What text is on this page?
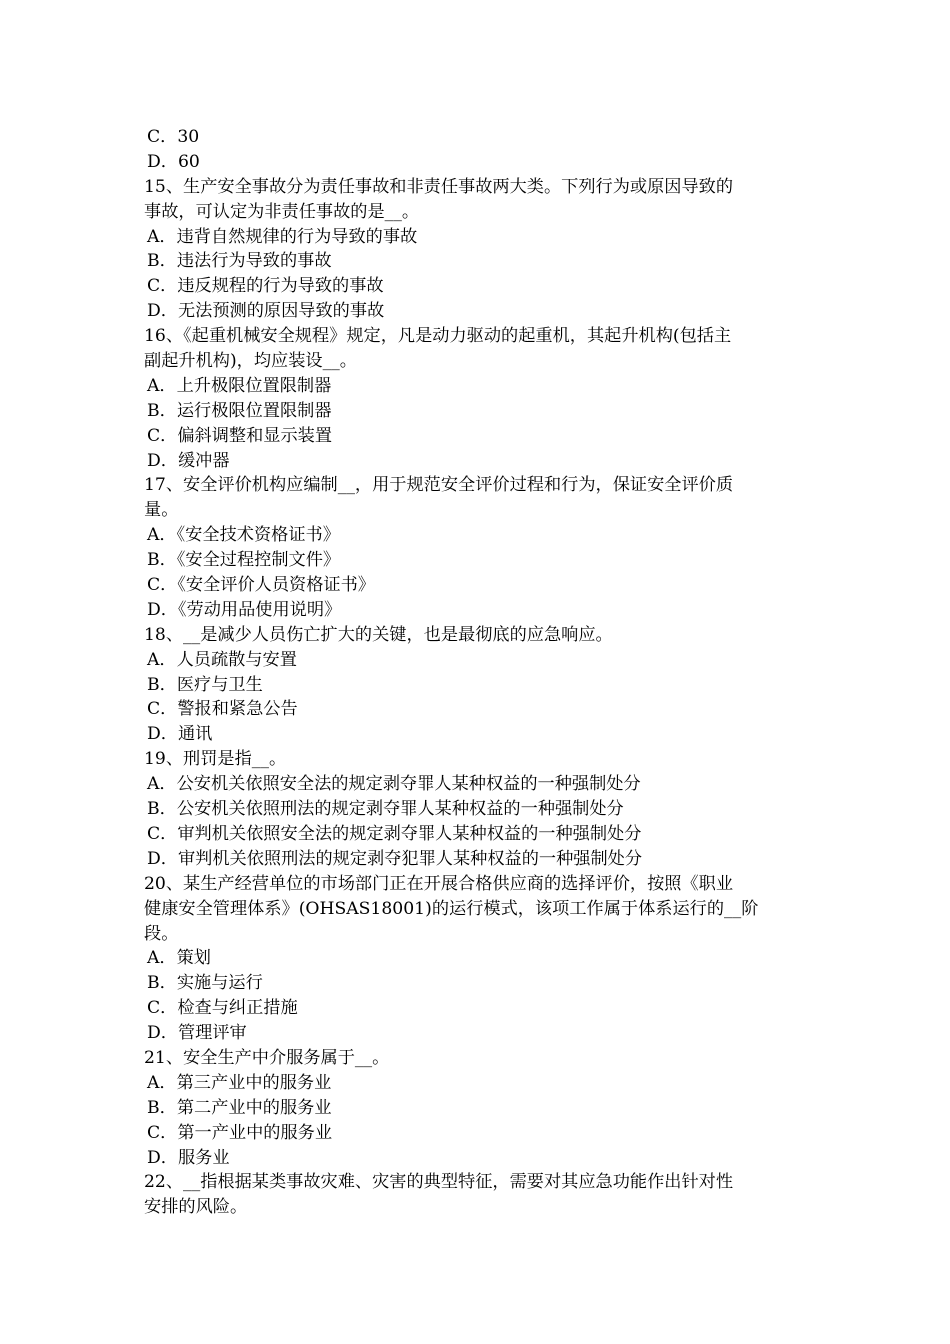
C．30
D．60
15、生产安全事故分为责任事故和非责任事故两大类。下列行为或原因导致的
事故，可认定为非责任事故的是__。
A．违背自然规律的行为导致的事故
B．违法行为导致的事故
C．违反规程的行为导致的事故
D．无法预测的原因导致的事故
16、《起重机械安全规程》规定，凡是动力驱动的起重机，其起升机构(包括主
副起升机构)，均应装设__。
A．上升极限位置限制器
B．运行极限位置限制器
C．偏斜调整和显示装置
D．缓冲器
17、安全评价机构应编制__，用于规范安全评价过程和行为，保证安全评价质
量。
A．《安全技术资格证书》
B．《安全过程控制文件》
C．《安全评价人员资格证书》
D．《劳动用品使用说明》
18、__是减少人员伤亡扩大的关键，也是最彻底的应急响应。
A．人员疏散与安置
B．医疗与卫生
C．警报和紧急公告
D．通讯
19、刑罚是指__。
A．公安机关依照安全法的规定剥夺罪人某种权益的一种强制处分
B．公安机关依照刑法的规定剥夺罪人某种权益的一种强制处分
C．审判机关依照安全法的规定剥夺罪人某种权益的一种强制处分
D．审判机关依照刑法的规定剥夺犯罪人某种权益的一种强制处分
20、某生产经营单位的市场部门正在开展合格供应商的选择评价，按照《职业
健康安全管理体系》(OHSAS18001)的运行模式，该项工作属于体系运行的__阶
段。
A．策划
B．实施与运行
C．检查与纠正措施
D．管理评审
21、安全生产中介服务属于__。
A．第三产业中的服务业
B．第二产业中的服务业
C．第一产业中的服务业
D．服务业
22、__指根据某类事故灾难、灾害的典型特征，需要对其应急功能作出针对性
安排的风险。
